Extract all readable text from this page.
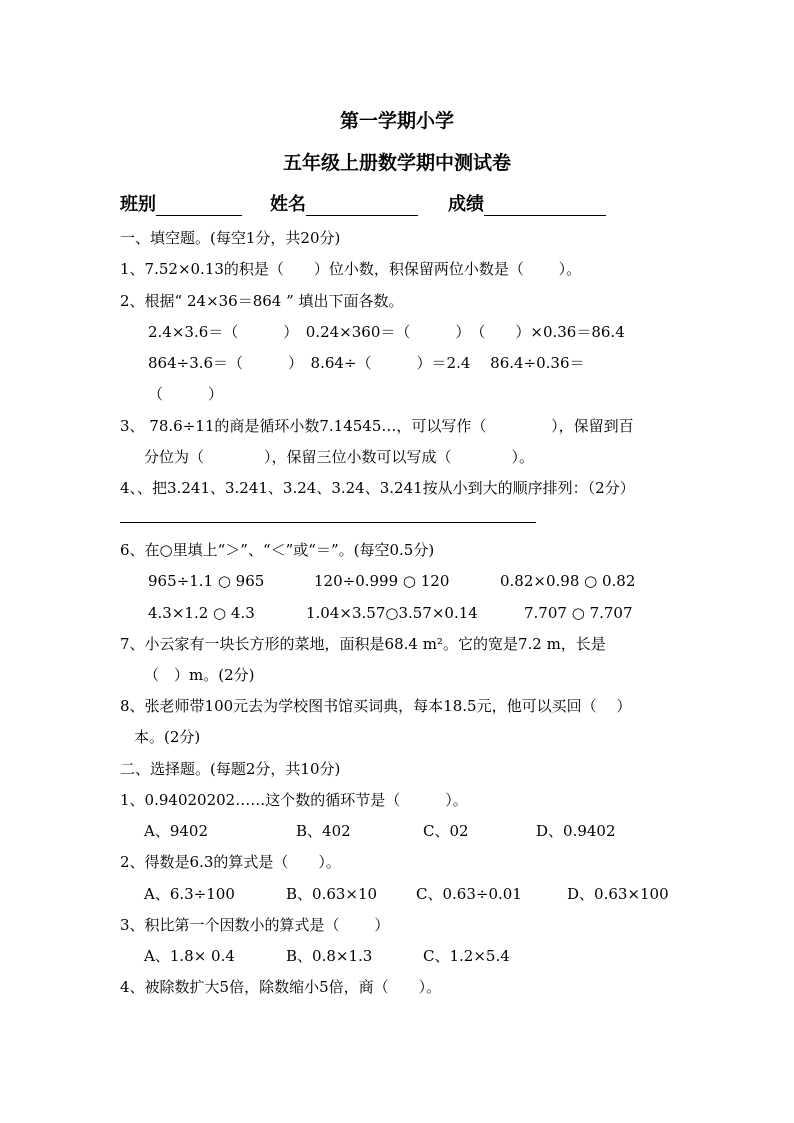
第一学期小学
五年级上册数学期中测试卷
班别	姓名	成绩
一、填空题。(每空1分，共20分)
1、7.52×0.13的积是（　　）位小数，积保留两位小数是（　　 ）。
2、根据“ 24×36＝864 ” 填出下面各数。
2.4×3.6＝（　　　）　0.24×360＝（　　　）　（　　）×0.36＝86.4
864÷3.6＝（　　　）　8.64÷（　　　）＝2.4　 86.4÷0.36＝
（　　　）
3、 78.6÷11的商是循环小数7.14545…，可以写作（　　　　 ），保留到百
分位为（　　　　），保留三位小数可以写成（　　　　）。
4、、把3.241、3.241、3.24、3.24、3.241按从小到大的顺序排列：（2分）
6、在○里填上“＞”、“＜”或“＝”。(每空0.5分)
965÷1.1 ○ 965	120÷0.999 ○ 120	0.82×0.98 ○ 0.82
4.3×1.2 ○ 4.3	1.04×3.57○3.57×0.14	7.707 ○ 7.707
7、小云家有一块长方形的菜地，面积是68.4 m²。它的宽是7.2 m，长是
（　）m。(2分)
8、张老师带100元去为学校图书馆买词典，每本18.5元，他可以买回（　 ）
本。(2分)
二、选择题。(每题2分，共10分)
1、0.94020202……这个数的循环节是（　　　）。
A、9402	B、402	C、02	D、0.9402
2、得数是6.3的算式是（　　）。
A、6.3÷100	B、0.63×10	C、0.63÷0.01	D、0.63×100
3、积比第一个因数小的算式是（　　 ）
A、1.8× 0.4	B、0.8×1.3	C、1.2×5.4
4、被除数扩大5倍，除数缩小5倍，商（　　）。
